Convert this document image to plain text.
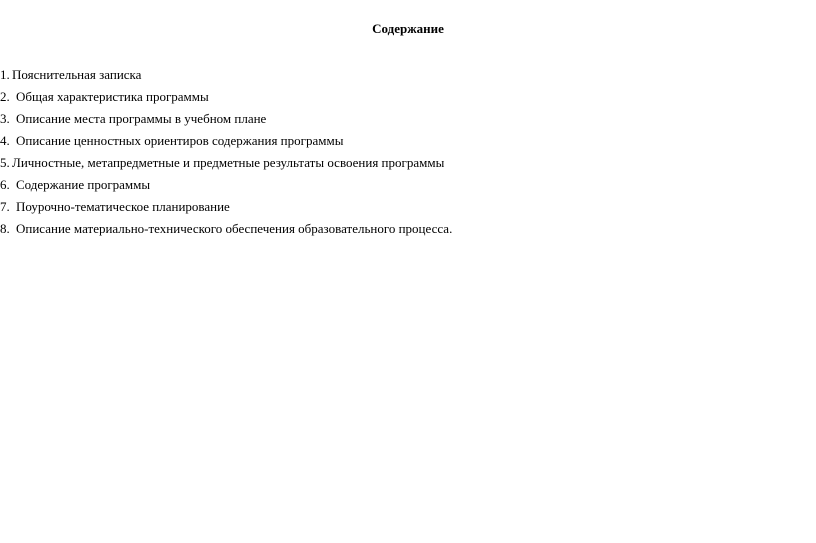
Содержание
1. Пояснительная записка
2. Общая характеристика программы
3. Описание места программы в учебном плане
4. Описание ценностных ориентиров содержания программы
5. Личностные, метапредметные и предметные результаты освоения программы
6. Содержание программы
7. Поурочно-тематическое планирование
8. Описание материально-технического обеспечения образовательного процесса.
